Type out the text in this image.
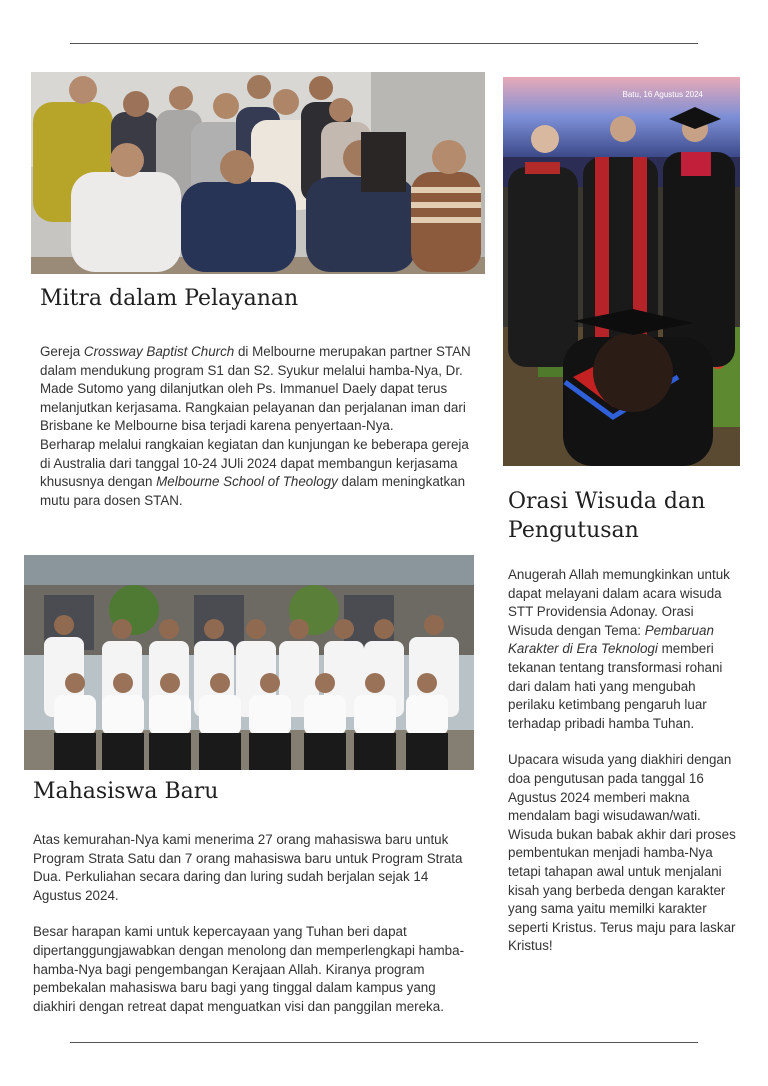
Batu, 16 Agustus 2024
Mitra dalam Pelayanan

Gereja Crossway Baptist Church di Melbourne merupakan partner STAN dalam mendukung program S1 dan S2. Syukur melalui hamba-Nya, Dr. Made Sutomo yang dilanjutkan oleh Ps. Immanuel Daely dapat terus melanjutkan kerjasama. Rangkaian pelayanan dan perjalanan iman dari Brisbane ke Melbourne bisa terjadi karena penyertaan-Nya.

Berharap melalui rangkaian kegiatan dan kunjungan ke beberapa gereja di Australia dari tanggal 10-24 JUli 2024 dapat membangun kerjasama khususnya dengan Melbourne School of Theology dalam meningkatkan mutu para dosen STAN.

Mahasiswa Baru

Atas kemurahan-Nya kami menerima 27 orang mahasiswa baru untuk Program Strata Satu dan 7 orang mahasiswa baru untuk Program Strata Dua. Perkuliahan secara daring dan luring sudah berjalan sejak 14 Agustus 2024.

Besar harapan kami untuk kepercayaan yang Tuhan beri dapat dipertanggungjawabkan dengan menolong dan memperlengkapi hamba-hamba-Nya bagi pengembangan Kerajaan Allah. Kiranya program pembekalan mahasiswa baru bagi yang tinggal dalam kampus yang diakhiri dengan retreat dapat menguatkan visi dan panggilan mereka.

Orasi Wisuda dan
Pengutusan

Anugerah Allah memungkinkan untuk dapat melayani dalam acara wisuda STT Providensia Adonay. Orasi Wisuda dengan Tema: Pembaruan Karakter di Era Teknologi memberi tekanan tentang transformasi rohani dari dalam hati yang mengubah perilaku ketimbang pengaruh luar terhadap pribadi hamba Tuhan.

Upacara wisuda yang diakhiri dengan doa pengutusan pada tanggal 16 Agustus 2024 memberi makna mendalam bagi wisudawan/wati. Wisuda bukan babak akhir dari proses pembentukan menjadi hamba-Nya tetapi tahapan awal untuk menjalani kisah yang berbeda dengan karakter yang sama yaitu memilki karakter seperti Kristus. Terus maju para laskar Kristus!
